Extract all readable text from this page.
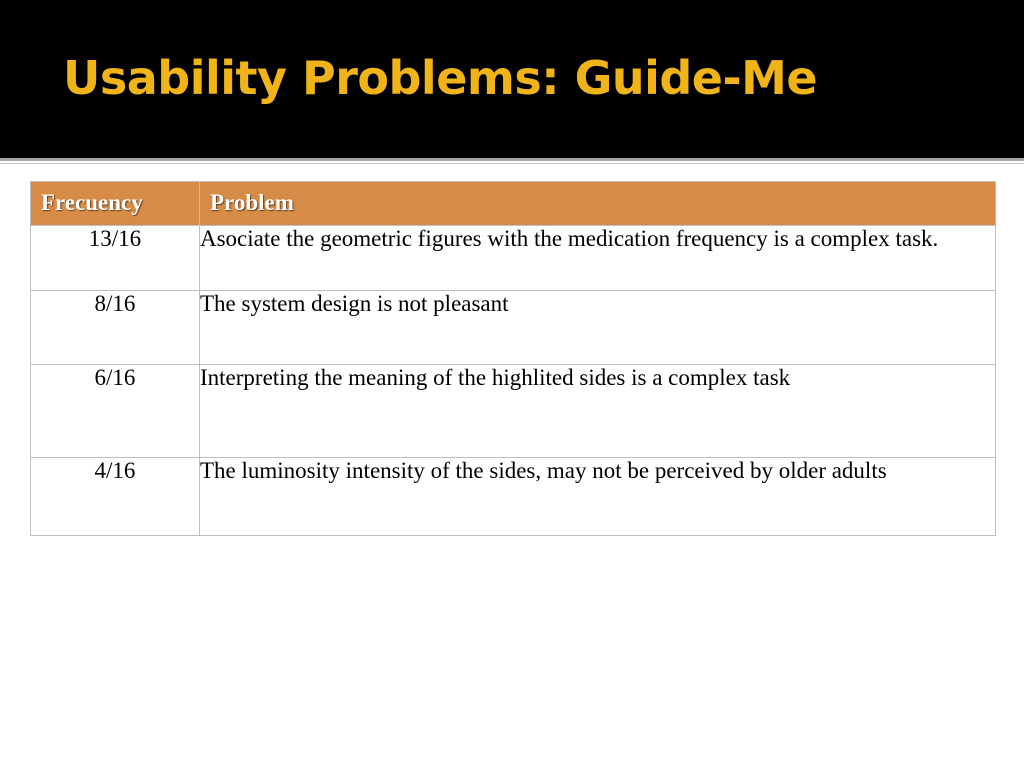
Usability Problems: Guide-Me
Frecuency	Problem
13/16	Asociate the geometric figures with the medication frequency is a complex task.
8/16	The system design is not pleasant
6/16	Interpreting the meaning of the highlited sides is a complex task
4/16	The luminosity intensity of the sides, may not be perceived by older adults
